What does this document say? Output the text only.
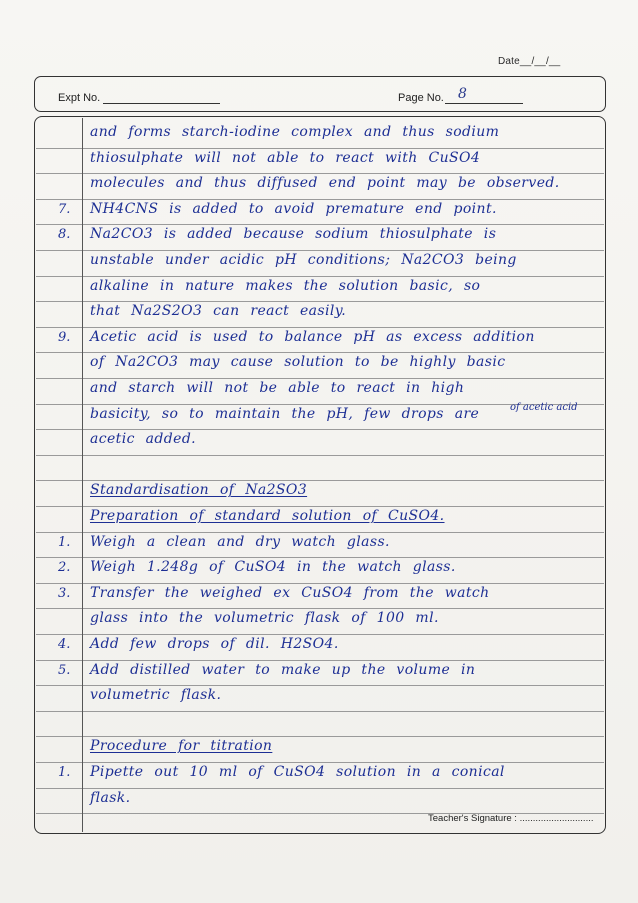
Date__/__/__
Expt No.	Page No. 8
and forms starch-iodine complex and thus sodium
thiosulphate will not able to react with CuSO4
molecules and thus diffused end point may be observed.
NH4CNS is added to avoid premature end point.
Na2CO3 is added because sodium thiosulphate is
unstable under acidic pH conditions; Na2CO3 being
alkaline in nature makes the solution basic, so
that Na2S2O3 can react easily.
Acetic acid is used to balance pH as excess addition
of Na2CO3 may cause solution to be highly basic
and starch will not be able to react in high
basicity, so to maintain the pH, few drops are
acetic added.
Standardisation of Na2SO3
Preparation of standard solution of CuSO4.
Weigh a clean and dry watch glass.
Weigh 1.248g of CuSO4 in the watch glass.
Transfer the weighed ex CuSO4 from the watch
glass into the volumetric flask of 100 ml.
Add few drops of dil. H2SO4.
Add distilled water to make up the volume in
volumetric flask.
Procedure for titration
Pipette out 10 ml of CuSO4 solution in a conical
flask.
7.
8.
9.
1.
2.
3.
4.
5.
1.
of acetic acid
Teacher's Signature : ............................
